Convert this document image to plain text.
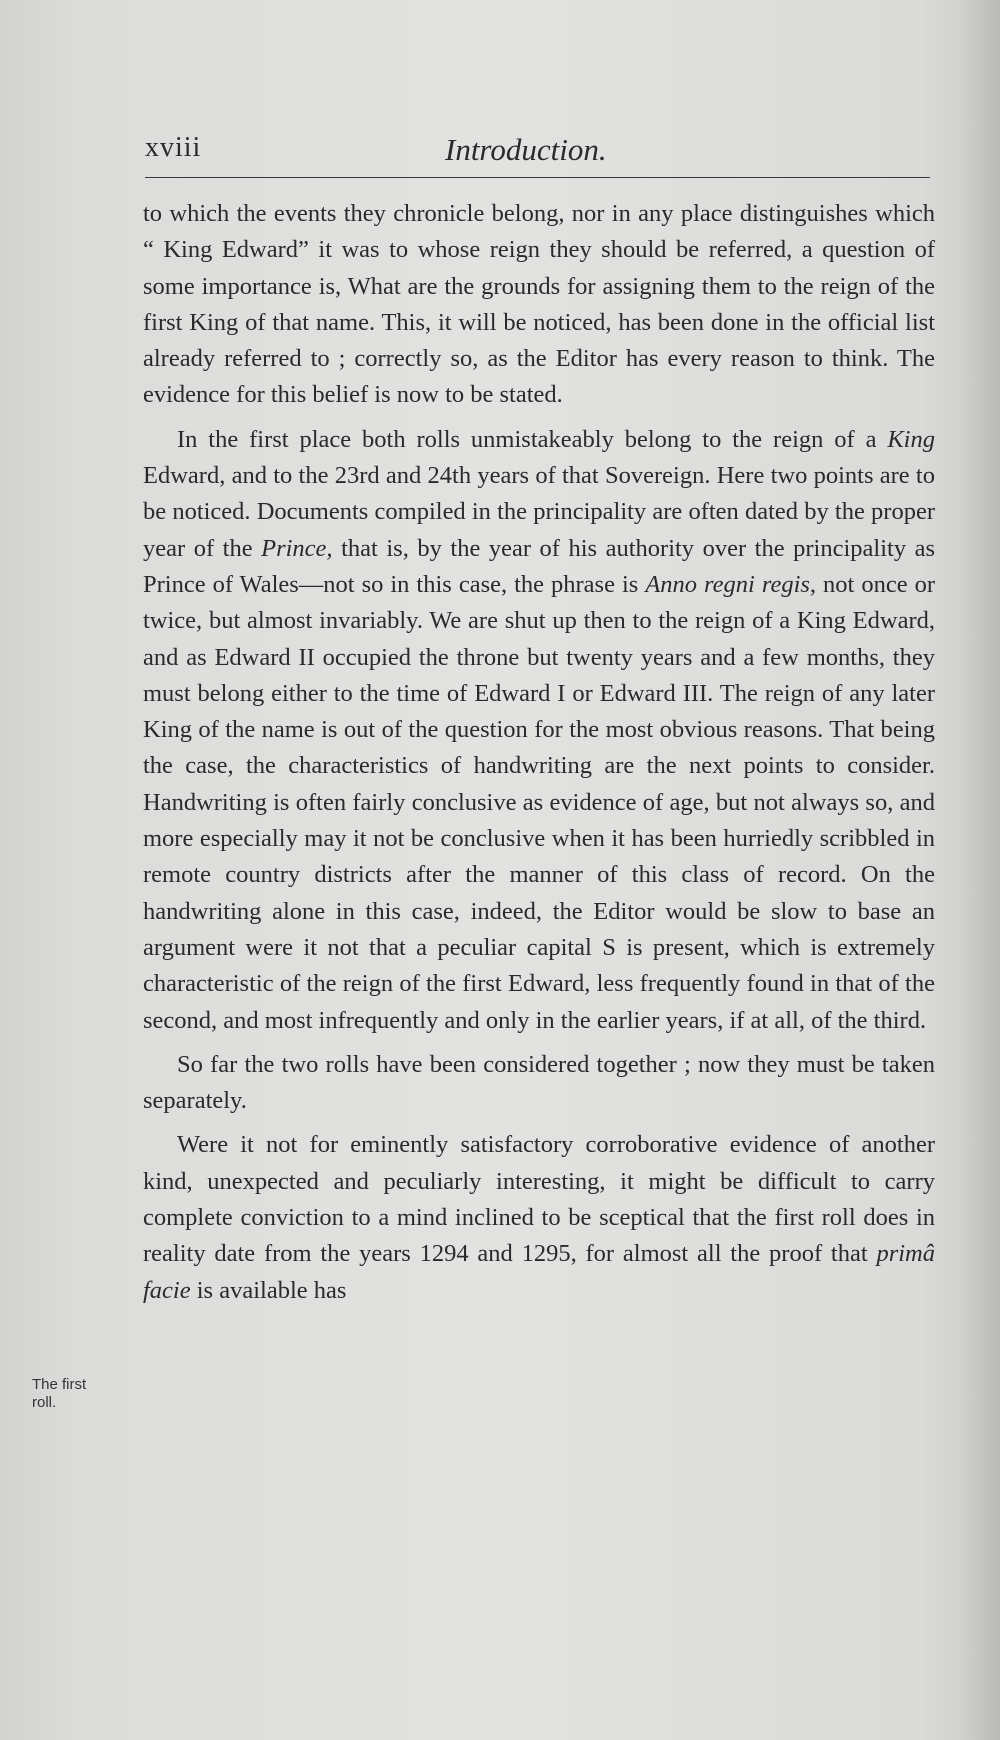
xviii	Introduction.

to which the events they chronicle belong, nor in any place distinguishes which “ King Edward” it was to whose reign they should be referred, a question of some importance is, What are the grounds for assigning them to the reign of the first King of that name. This, it will be noticed, has been done in the official list already referred to ; correctly so, as the Editor has every reason to think. The evidence for this belief is now to be stated.

In the first place both rolls unmistakeably belong to the reign of a King Edward, and to the 23rd and 24th years of that Sovereign. Here two points are to be noticed. Documents compiled in the principality are often dated by the proper year of the Prince, that is, by the year of his authority over the principality as Prince of Wales—not so in this case, the phrase is Anno regni regis, not once or twice, but almost invariably. We are shut up then to the reign of a King Edward, and as Edward II occupied the throne but twenty years and a few months, they must belong either to the time of Edward I or Edward III. The reign of any later King of the name is out of the question for the most obvious reasons. That being the case, the characteristics of handwriting are the next points to consider. Handwriting is often fairly conclusive as evidence of age, but not always so, and more especially may it not be conclusive when it has been hurriedly scribbled in remote country districts after the manner of this class of record. On the handwriting alone in this case, indeed, the Editor would be slow to base an argument were it not that a peculiar capital S is present, which is extremely characteristic of the reign of the first Edward, less frequently found in that of the second, and most infrequently and only in the earlier years, if at all, of the third.

So far the two rolls have been considered together ; now they must be taken separately.

Were it not for eminently satisfactory corroborative evidence of another kind, unexpected and peculiarly interesting, it might be difficult to carry complete conviction to a mind inclined to be sceptical that the first roll does in reality date from the years 1294 and 1295, for almost all the proof that primâ facie is available has

The first
roll.
